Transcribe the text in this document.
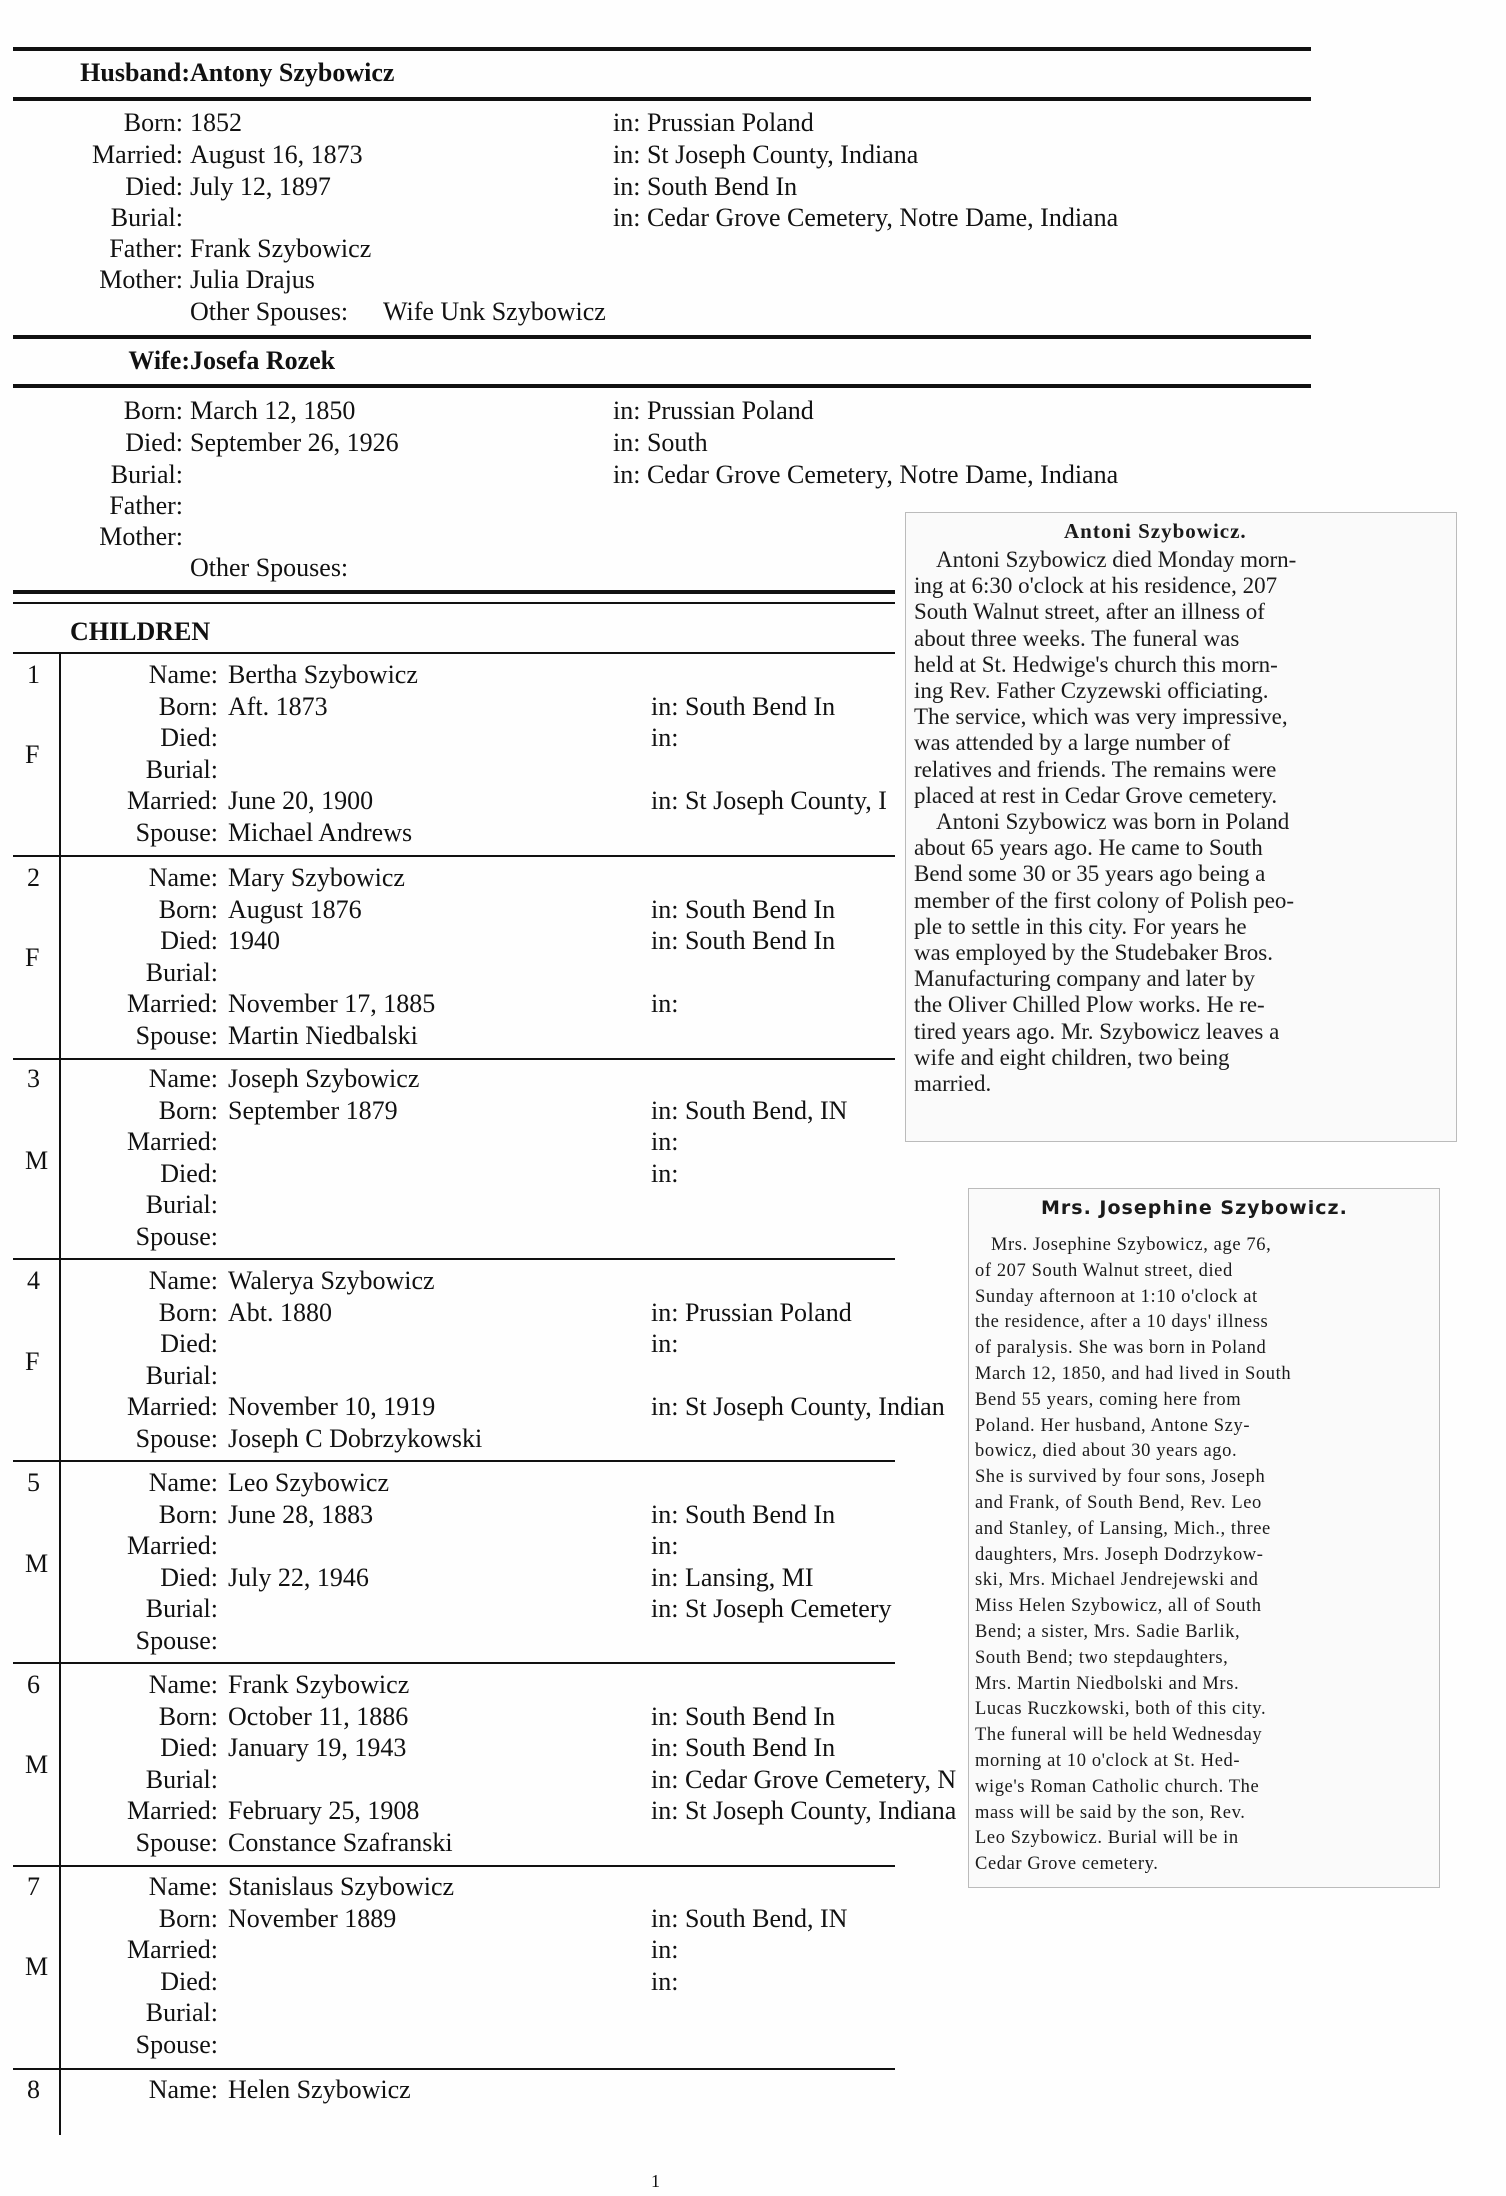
Husband: Antony Szybowicz
Born: 1852	in: Prussian Poland
Married: August 16, 1873	in: St Joseph County, Indiana
Died: July 12, 1897	in: South Bend In
Burial:	in: Cedar Grove Cemetery, Notre Dame, Indiana
Father: Frank Szybowicz
Mother: Julia Drajus
Other Spouses: Wife Unk Szybowicz
Wife: Josefa Rozek
Born: March 12, 1850	in: Prussian Poland
Died: September 26, 1926	in: South
Burial:	in: Cedar Grove Cemetery, Notre Dame, Indiana
Father:
Mother:
Other Spouses:
CHILDREN
1
F
Name: Bertha Szybowicz
Born: Aft. 1873	in: South Bend In
Died:	in:
Burial:
Married: June 20, 1900	in: St Joseph County, I
Spouse: Michael Andrews
2
F
Name: Mary Szybowicz
Born: August 1876	in: South Bend In
Died: 1940	in: South Bend In
Burial:
Married: November 17, 1885	in:
Spouse: Martin Niedbalski
3
M
Name: Joseph Szybowicz
Born: September 1879	in: South Bend, IN
Married:	in:
Died:	in:
Burial:
Spouse:
4
F
Name: Walerya Szybowicz
Born: Abt. 1880	in: Prussian Poland
Died:	in:
Burial:
Married: November 10, 1919	in: St Joseph County, Indian
Spouse: Joseph C Dobrzykowski
5
M
Name: Leo Szybowicz
Born: June 28, 1883	in: South Bend In
Married:	in:
Died: July 22, 1946	in: Lansing, MI
Burial:	in: St Joseph Cemetery
Spouse:
6
M
Name: Frank Szybowicz
Born: October 11, 1886	in: South Bend In
Died: January 19, 1943	in: South Bend In
Burial:	in: Cedar Grove Cemetery, N
Married: February 25, 1908	in: St Joseph County, Indiana
Spouse: Constance Szafranski
7
M
Name: Stanislaus Szybowicz
Born: November 1889	in: South Bend, IN
Married:	in:
Died:	in:
Burial:
Spouse:
8	Name: Helen Szybowicz
Antoni Szybowicz.
Antoni Szybowicz died Monday morn-
ing at 6:30 o'clock at his residence, 207
South Walnut street, after an illness of
about three weeks. The funeral was
held at St. Hedwige's church this morn-
ing Rev. Father Czyzewski officiating.
The service, which was very impressive,
was attended by a large number of
relatives and friends. The remains were
placed at rest in Cedar Grove cemetery.
Antoni Szybowicz was born in Poland
about 65 years ago. He came to South
Bend some 30 or 35 years ago being a
member of the first colony of Polish peo-
ple to settle in this city. For years he
was employed by the Studebaker Bros.
Manufacturing company and later by
the Oliver Chilled Plow works. He re-
tired years ago. Mr. Szybowicz leaves a
wife and eight children, two being
married.
Mrs. Josephine Szybowicz.
Mrs. Josephine Szybowicz, age 76,
of 207 South Walnut street, died
Sunday afternoon at 1:10 o'clock at
the residence, after a 10 days' illness
of paralysis. She was born in Poland
March 12, 1850, and had lived in South
Bend 55 years, coming here from
Poland. Her husband, Antone Szy-
bowicz, died about 30 years ago.
She is survived by four sons, Joseph
and Frank, of South Bend, Rev. Leo
and Stanley, of Lansing, Mich., three
daughters, Mrs. Joseph Dodrzykow-
ski, Mrs. Michael Jendrejewski and
Miss Helen Szybowicz, all of South
Bend; a sister, Mrs. Sadie Barlik,
South Bend; two stepdaughters,
Mrs. Martin Niedbolski and Mrs.
Lucas Ruczkowski, both of this city.
The funeral will be held Wednesday
morning at 10 o'clock at St. Hed-
wige's Roman Catholic church. The
mass will be said by the son, Rev.
Leo Szybowicz. Burial will be in
Cedar Grove cemetery.
1
